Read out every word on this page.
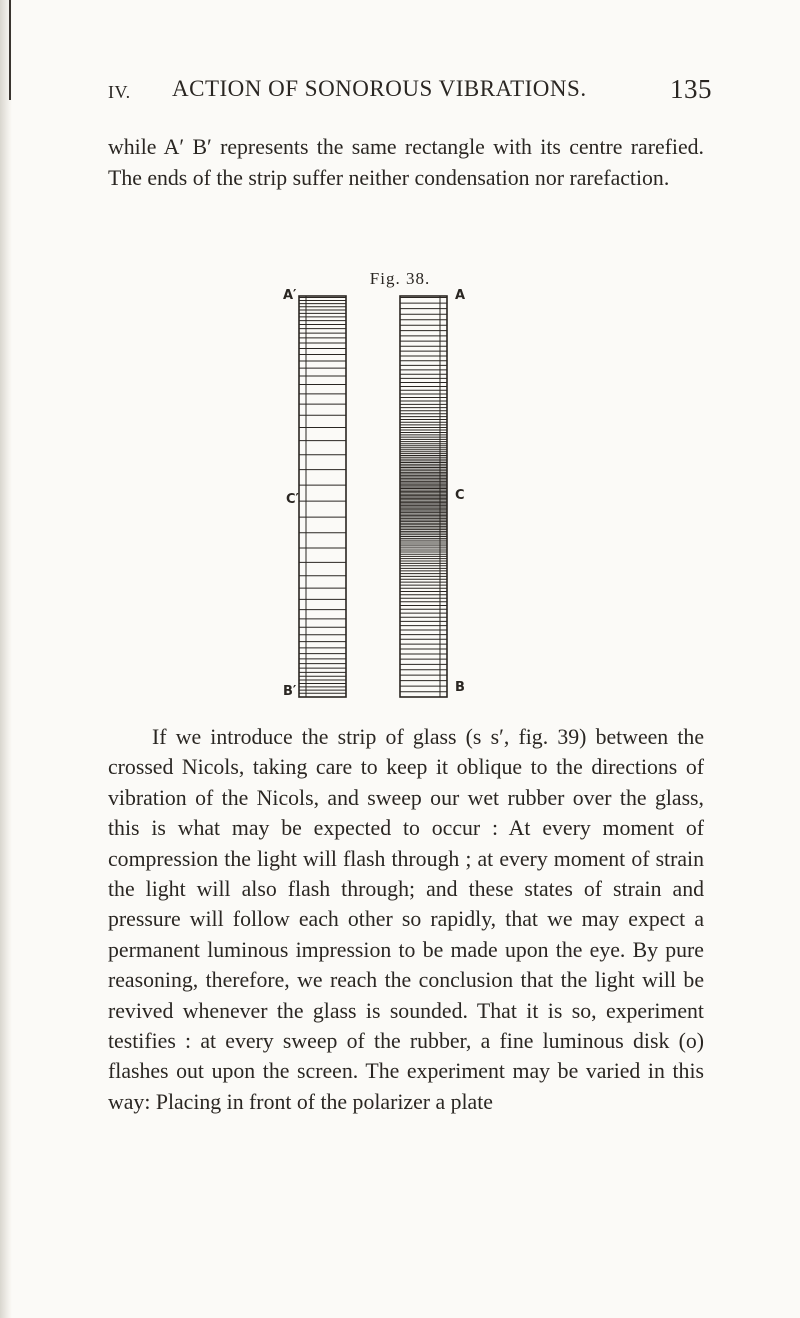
IV. ACTION OF SONOROUS VIBRATIONS.	135

while A′ B′ represents the same rectangle with its centre rarefied. The ends of the strip suffer neither condensation nor rarefaction.

Fig. 38.
A′
C′
B′
A
C
B

If we introduce the strip of glass (s s′, fig. 39) between the crossed Nicols, taking care to keep it oblique to the directions of vibration of the Nicols, and sweep our wet rubber over the glass, this is what may be expected to occur : At every moment of compression the light will flash through ; at every moment of strain the light will also flash through; and these states of strain and pressure will follow each other so rapidly, that we may expect a permanent luminous impression to be made upon the eye. By pure reasoning, therefore, we reach the conclusion that the light will be revived whenever the glass is sounded. That it is so, experiment testifies : at every sweep of the rubber, a fine luminous disk (o) flashes out upon the screen. The experiment may be varied in this way: Placing in front of the polarizer a plate
